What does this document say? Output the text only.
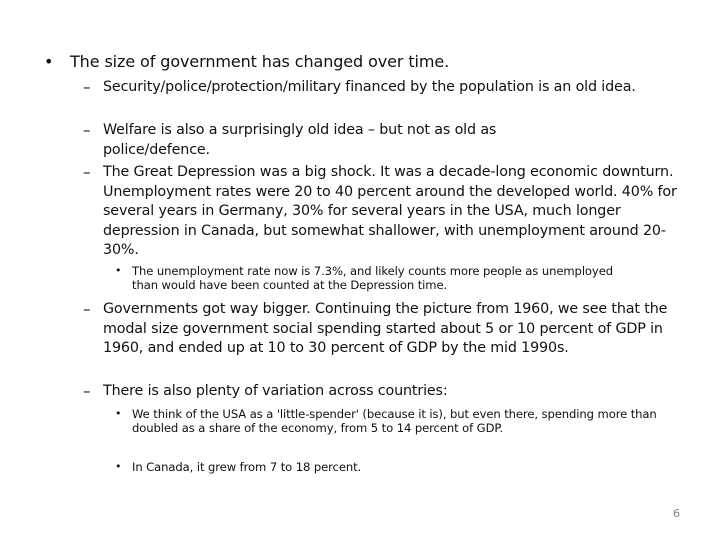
•	The size of government has changed over time.
– Security/police/protection/military financed by the population is an old idea.
– Welfare is also a surprisingly old idea – but not as old as police/defence.
– The Great Depression was a big shock. It was a decade-long economic downturn. Unemployment rates were 20 to 40 percent around the developed world. 40% for several years in Germany, 30% for several years in the USA, much longer depression in Canada, but somewhat shallower, with unemployment around 20-30%.
• The unemployment rate now is 7.3%, and likely counts more people as unemployed than would have been counted at the Depression time.
– Governments got way bigger. Continuing the picture from 1960, we see that the modal size government social spending started about 5 or 10 percent of GDP in 1960, and ended up at 10 to 30 percent of GDP by the mid 1990s.
– There is also plenty of variation across countries:
• We think of the USA as a 'little-spender' (because it is), but even there, spending more than doubled as a share of the economy, from 5 to 14 percent of GDP.
• In Canada, it grew from 7 to 18 percent.
6
